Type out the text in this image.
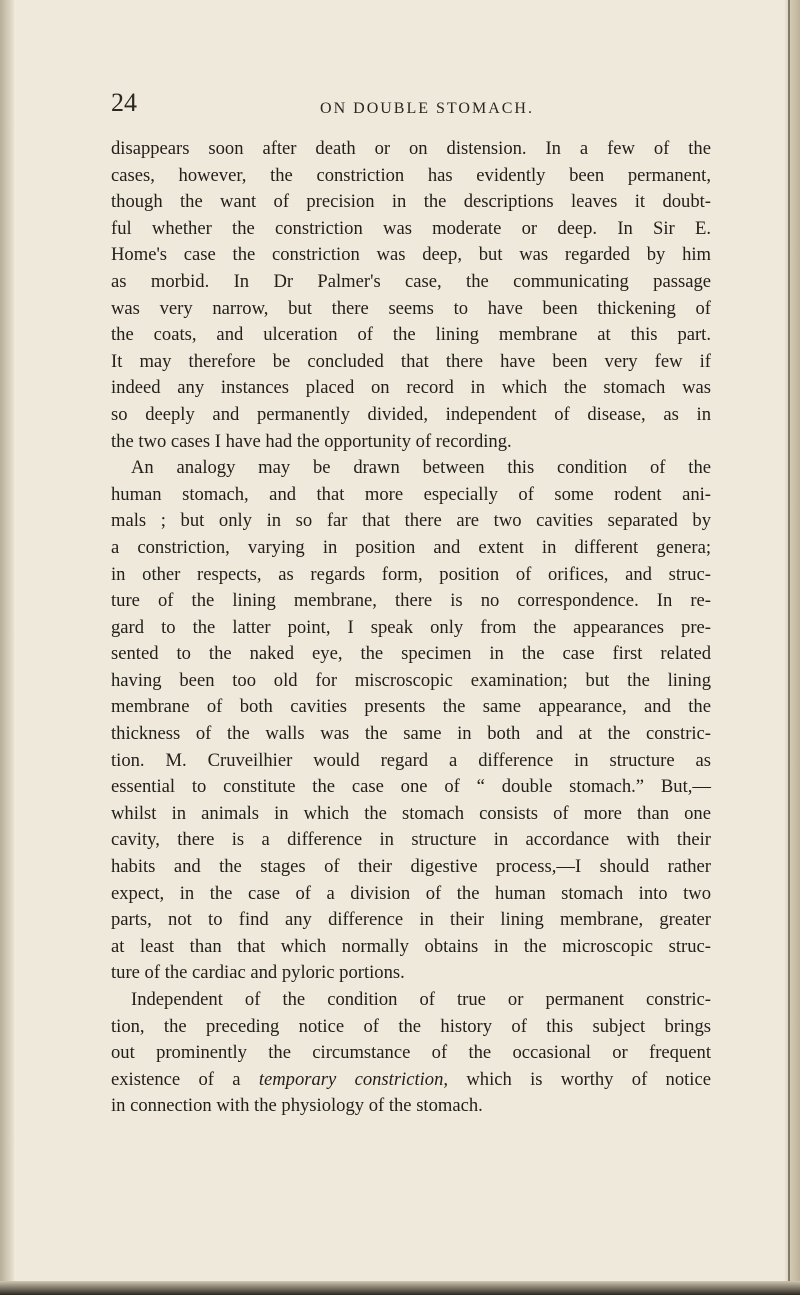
24	ON DOUBLE STOMACH.
disappears soon after death or on distension. In a few of the
cases, however, the constriction has evidently been permanent,
though the want of precision in the descriptions leaves it doubt-
ful whether the constriction was moderate or deep. In Sir E.
Home's case the constriction was deep, but was regarded by him
as morbid. In Dr Palmer's case, the communicating passage
was very narrow, but there seems to have been thickening of
the coats, and ulceration of the lining membrane at this part.
It may therefore be concluded that there have been very few if
indeed any instances placed on record in which the stomach was
so deeply and permanently divided, independent of disease, as in
the two cases I have had the opportunity of recording.
An analogy may be drawn between this condition of the
human stomach, and that more especially of some rodent ani-
mals ; but only in so far that there are two cavities separated by
a constriction, varying in position and extent in different genera;
in other respects, as regards form, position of orifices, and struc-
ture of the lining membrane, there is no correspondence. In re-
gard to the latter point, I speak only from the appearances pre-
sented to the naked eye, the specimen in the case first related
having been too old for miscroscopic examination; but the lining
membrane of both cavities presents the same appearance, and the
thickness of the walls was the same in both and at the constric-
tion. M. Cruveilhier would regard a difference in structure as
essential to constitute the case one of “ double stomach.” But,—
whilst in animals in which the stomach consists of more than one
cavity, there is a difference in structure in accordance with their
habits and the stages of their digestive process,—I should rather
expect, in the case of a division of the human stomach into two
parts, not to find any difference in their lining membrane, greater
at least than that which normally obtains in the microscopic struc-
ture of the cardiac and pyloric portions.
Independent of the condition of true or permanent constric-
tion, the preceding notice of the history of this subject brings
out prominently the circumstance of the occasional or frequent
existence of a temporary constriction, which is worthy of notice
in connection with the physiology of the stomach.
